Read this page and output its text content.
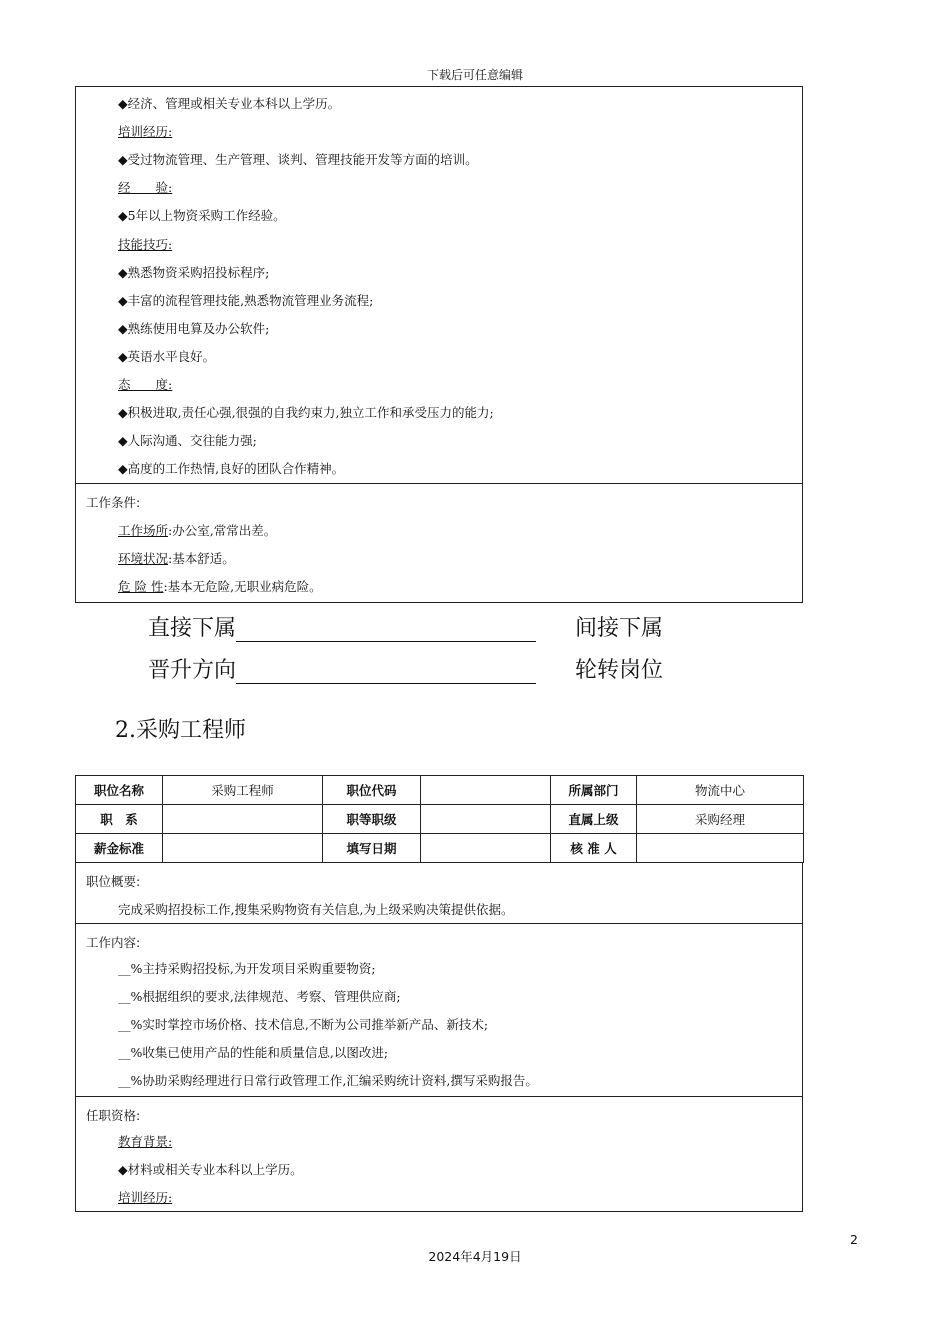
下载后可任意编辑
◆经济、管理或相关专业本科以上学历。
培训经历:
◆受过物流管理、生产管理、谈判、管理技能开发等方面的培训。
经　　验:
◆5年以上物资采购工作经验。
技能技巧:
◆熟悉物资采购招投标程序;
◆丰富的流程管理技能,熟悉物流管理业务流程;
◆熟练使用电算及办公软件;
◆英语水平良好。
态　　度:
◆积极进取,责任心强,很强的自我约束力,独立工作和承受压力的能力;
◆人际沟通、交往能力强;
◆高度的工作热情,良好的团队合作精神。
工作条件:
工作场所:办公室,常常出差。
环境状况:基本舒适。
危 险 性:基本无危险,无职业病危险。
直接下属	间接下属
晋升方向	轮转岗位
2.采购工程师
职位名称	采购工程师	职位代码		所属部门	物流中心
职　系		职等职级		直属上级	采购经理
薪金标准		填写日期		核 准 人	
职位概要:
完成采购招投标工作,搜集采购物资有关信息,为上级采购决策提供依据。
工作内容:
__%主持采购招投标,为开发项目采购重要物资;
__%根据组织的要求,法律规范、考察、管理供应商;
__%实时掌控市场价格、技术信息,不断为公司推举新产品、新技术;
__%收集已使用产品的性能和质量信息,以图改进;
__%协助采购经理进行日常行政管理工作,汇编采购统计资料,撰写采购报告。
任职资格:
教育背景:
◆材料或相关专业本科以上学历。
培训经历:
2
2024年4月19日
